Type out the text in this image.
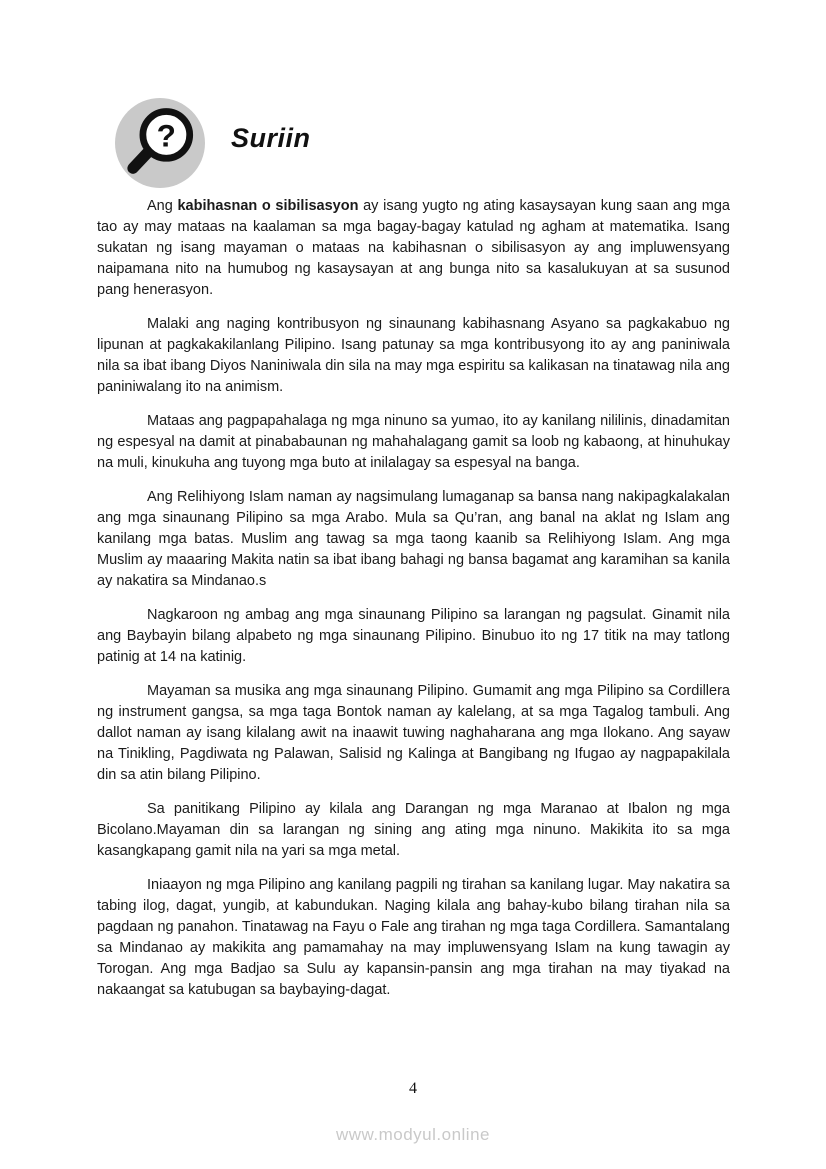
? Suriin

Ang kabihasnan o sibilisasyon ay isang yugto ng ating kasaysayan kung saan ang mga tao ay may mataas na kaalaman sa mga bagay-bagay katulad ng agham at matematika. Isang sukatan ng isang mayaman o mataas na kabihasnan o sibilisasyon ay ang impluwensyang naipamana nito na humubog ng kasaysayan at ang bunga nito sa kasalukuyan at sa susunod pang henerasyon.

Malaki ang naging kontribusyon ng sinaunang kabihasnang Asyano sa pagkakabuo ng lipunan at pagkakakilanlang Pilipino. Isang patunay sa mga kontribusyong ito ay ang paniniwala nila sa ibat ibang Diyos Naniniwala din sila na may mga espiritu sa kalikasan na tinatawag nila ang paniniwalang ito na animism.

Mataas ang pagpapahalaga ng mga ninuno sa yumao, ito ay kanilang nililinis, dinadamitan ng espesyal na damit at pinababaunan ng mahahalagang gamit sa loob ng kabaong, at hinuhukay na muli, kinukuha ang tuyong mga buto at inilalagay sa espesyal na banga.

Ang Relihiyong Islam naman ay nagsimulang lumaganap sa bansa nang nakipagkalakalan ang mga sinaunang Pilipino sa mga Arabo. Mula sa Qu’ran, ang banal na aklat ng Islam ang kanilang mga batas. Muslim ang tawag sa mga taong kaanib sa Relihiyong Islam. Ang mga Muslim ay maaaring Makita natin sa ibat ibang bahagi ng bansa bagamat ang karamihan sa kanila ay nakatira sa Mindanao.s

Nagkaroon ng ambag ang mga sinaunang Pilipino sa larangan ng pagsulat. Ginamit nila ang Baybayin bilang alpabeto ng mga sinaunang Pilipino. Binubuo ito ng 17 titik na may tatlong patinig at 14 na katinig.

Mayaman sa musika ang mga sinaunang Pilipino. Gumamit ang mga Pilipino sa Cordillera ng instrument gangsa, sa mga taga Bontok naman ay kalelang, at sa mga Tagalog tambuli. Ang dallot naman ay isang kilalang awit na inaawit tuwing naghaharana ang mga Ilokano. Ang sayaw na Tinikling, Pagdiwata ng Palawan, Salisid ng Kalinga at Bangibang ng Ifugao ay nagpapakilala din sa atin bilang Pilipino.

Sa panitikang Pilipino ay kilala ang Darangan ng mga Maranao at Ibalon ng mga Bicolano.Mayaman din sa larangan ng sining ang ating mga ninuno. Makikita ito sa mga kasangkapang gamit nila na yari sa mga metal.

Iniaayon ng mga Pilipino ang kanilang pagpili ng tirahan sa kanilang lugar. May nakatira sa tabing ilog, dagat, yungib, at kabundukan. Naging kilala ang bahay-kubo bilang tirahan nila sa pagdaan ng panahon. Tinatawag na Fayu o Fale ang tirahan ng mga taga Cordillera. Samantalang sa Mindanao ay makikita ang pamamahay na may impluwensyang Islam na kung tawagin ay Torogan. Ang mga Badjao sa Sulu ay kapansin-pansin ang mga tirahan na may tiyakad na nakaangat sa katubugan sa baybaying-dagat.

4
www.modyul.online
